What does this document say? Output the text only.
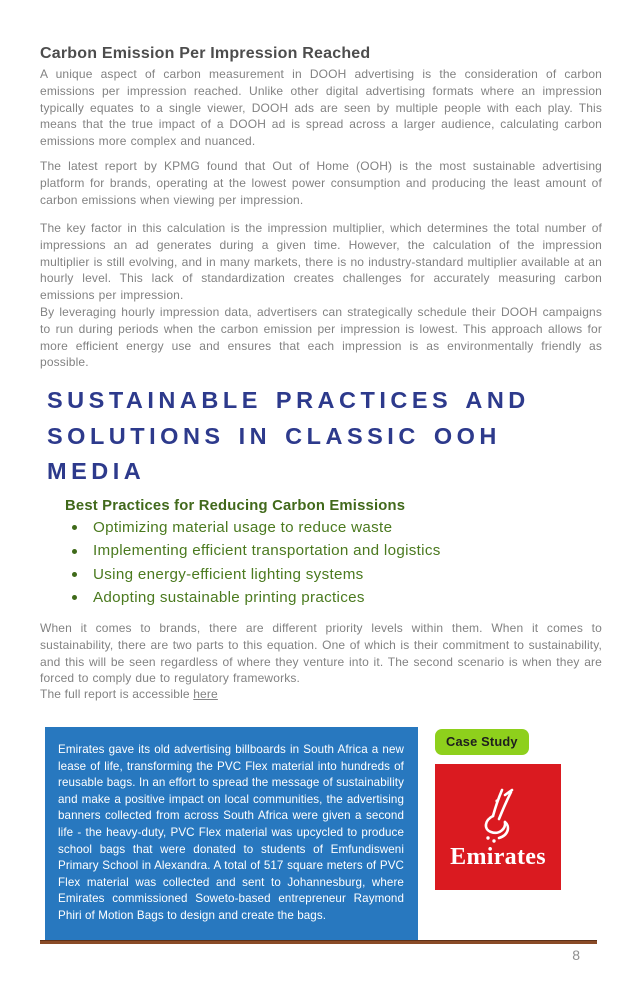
Carbon Emission Per Impression Reached

A unique aspect of carbon measurement in DOOH advertising is the consideration of carbon emissions per impression reached. Unlike other digital advertising formats where an impression typically equates to a single viewer, DOOH ads are seen by multiple people with each play. This means that the true impact of a DOOH ad is spread across a larger audience, calculating carbon emissions more complex and nuanced.

The latest report by KPMG found that Out of Home (OOH) is the most sustainable advertising platform for brands, operating at the lowest power consumption and producing the least amount of carbon emissions when viewing per impression.

The key factor in this calculation is the impression multiplier, which determines the total number of impressions an ad generates during a given time. However, the calculation of the impression multiplier is still evolving, and in many markets, there is no industry-standard multiplier available at an hourly level. This lack of standardization creates challenges for accurately measuring carbon emissions per impression.

By leveraging hourly impression data, advertisers can strategically schedule their DOOH campaigns to run during periods when the carbon emission per impression is lowest. This approach allows for more efficient energy use and ensures that each impression is as environmentally friendly as possible.

SUSTAINABLE PRACTICES AND
SOLUTIONS IN CLASSIC OOH
MEDIA
Best Practices for Reducing Carbon Emissions
Optimizing material usage to reduce waste
Implementing efficient transportation and logistics
Using energy-efficient lighting systems
Adopting sustainable printing practices

When it comes to brands, there are different priority levels within them. When it comes to sustainability, there are two parts to this equation. One of which is their commitment to sustainability, and this will be seen regardless of where they venture into it. The second scenario is when they are forced to comply due to regulatory frameworks.

The full report is accessible here

Emirates gave its old advertising billboards in South Africa a new lease of life, transforming the PVC Flex material into hundreds of reusable bags. In an effort to spread the message of sustainability and make a positive impact on local communities, the advertising banners collected from across South Africa were given a second life - the heavy-duty, PVC Flex material was upcycled to produce school bags that were donated to students of Emfundisweni Primary School in Alexandra. A total of 517 square meters of PVC Flex material was collected and sent to Johannesburg, where Emirates commissioned Soweto-based entrepreneur Raymond Phiri of Motion Bags to design and create the bags.

Case Study
Emirates
8
